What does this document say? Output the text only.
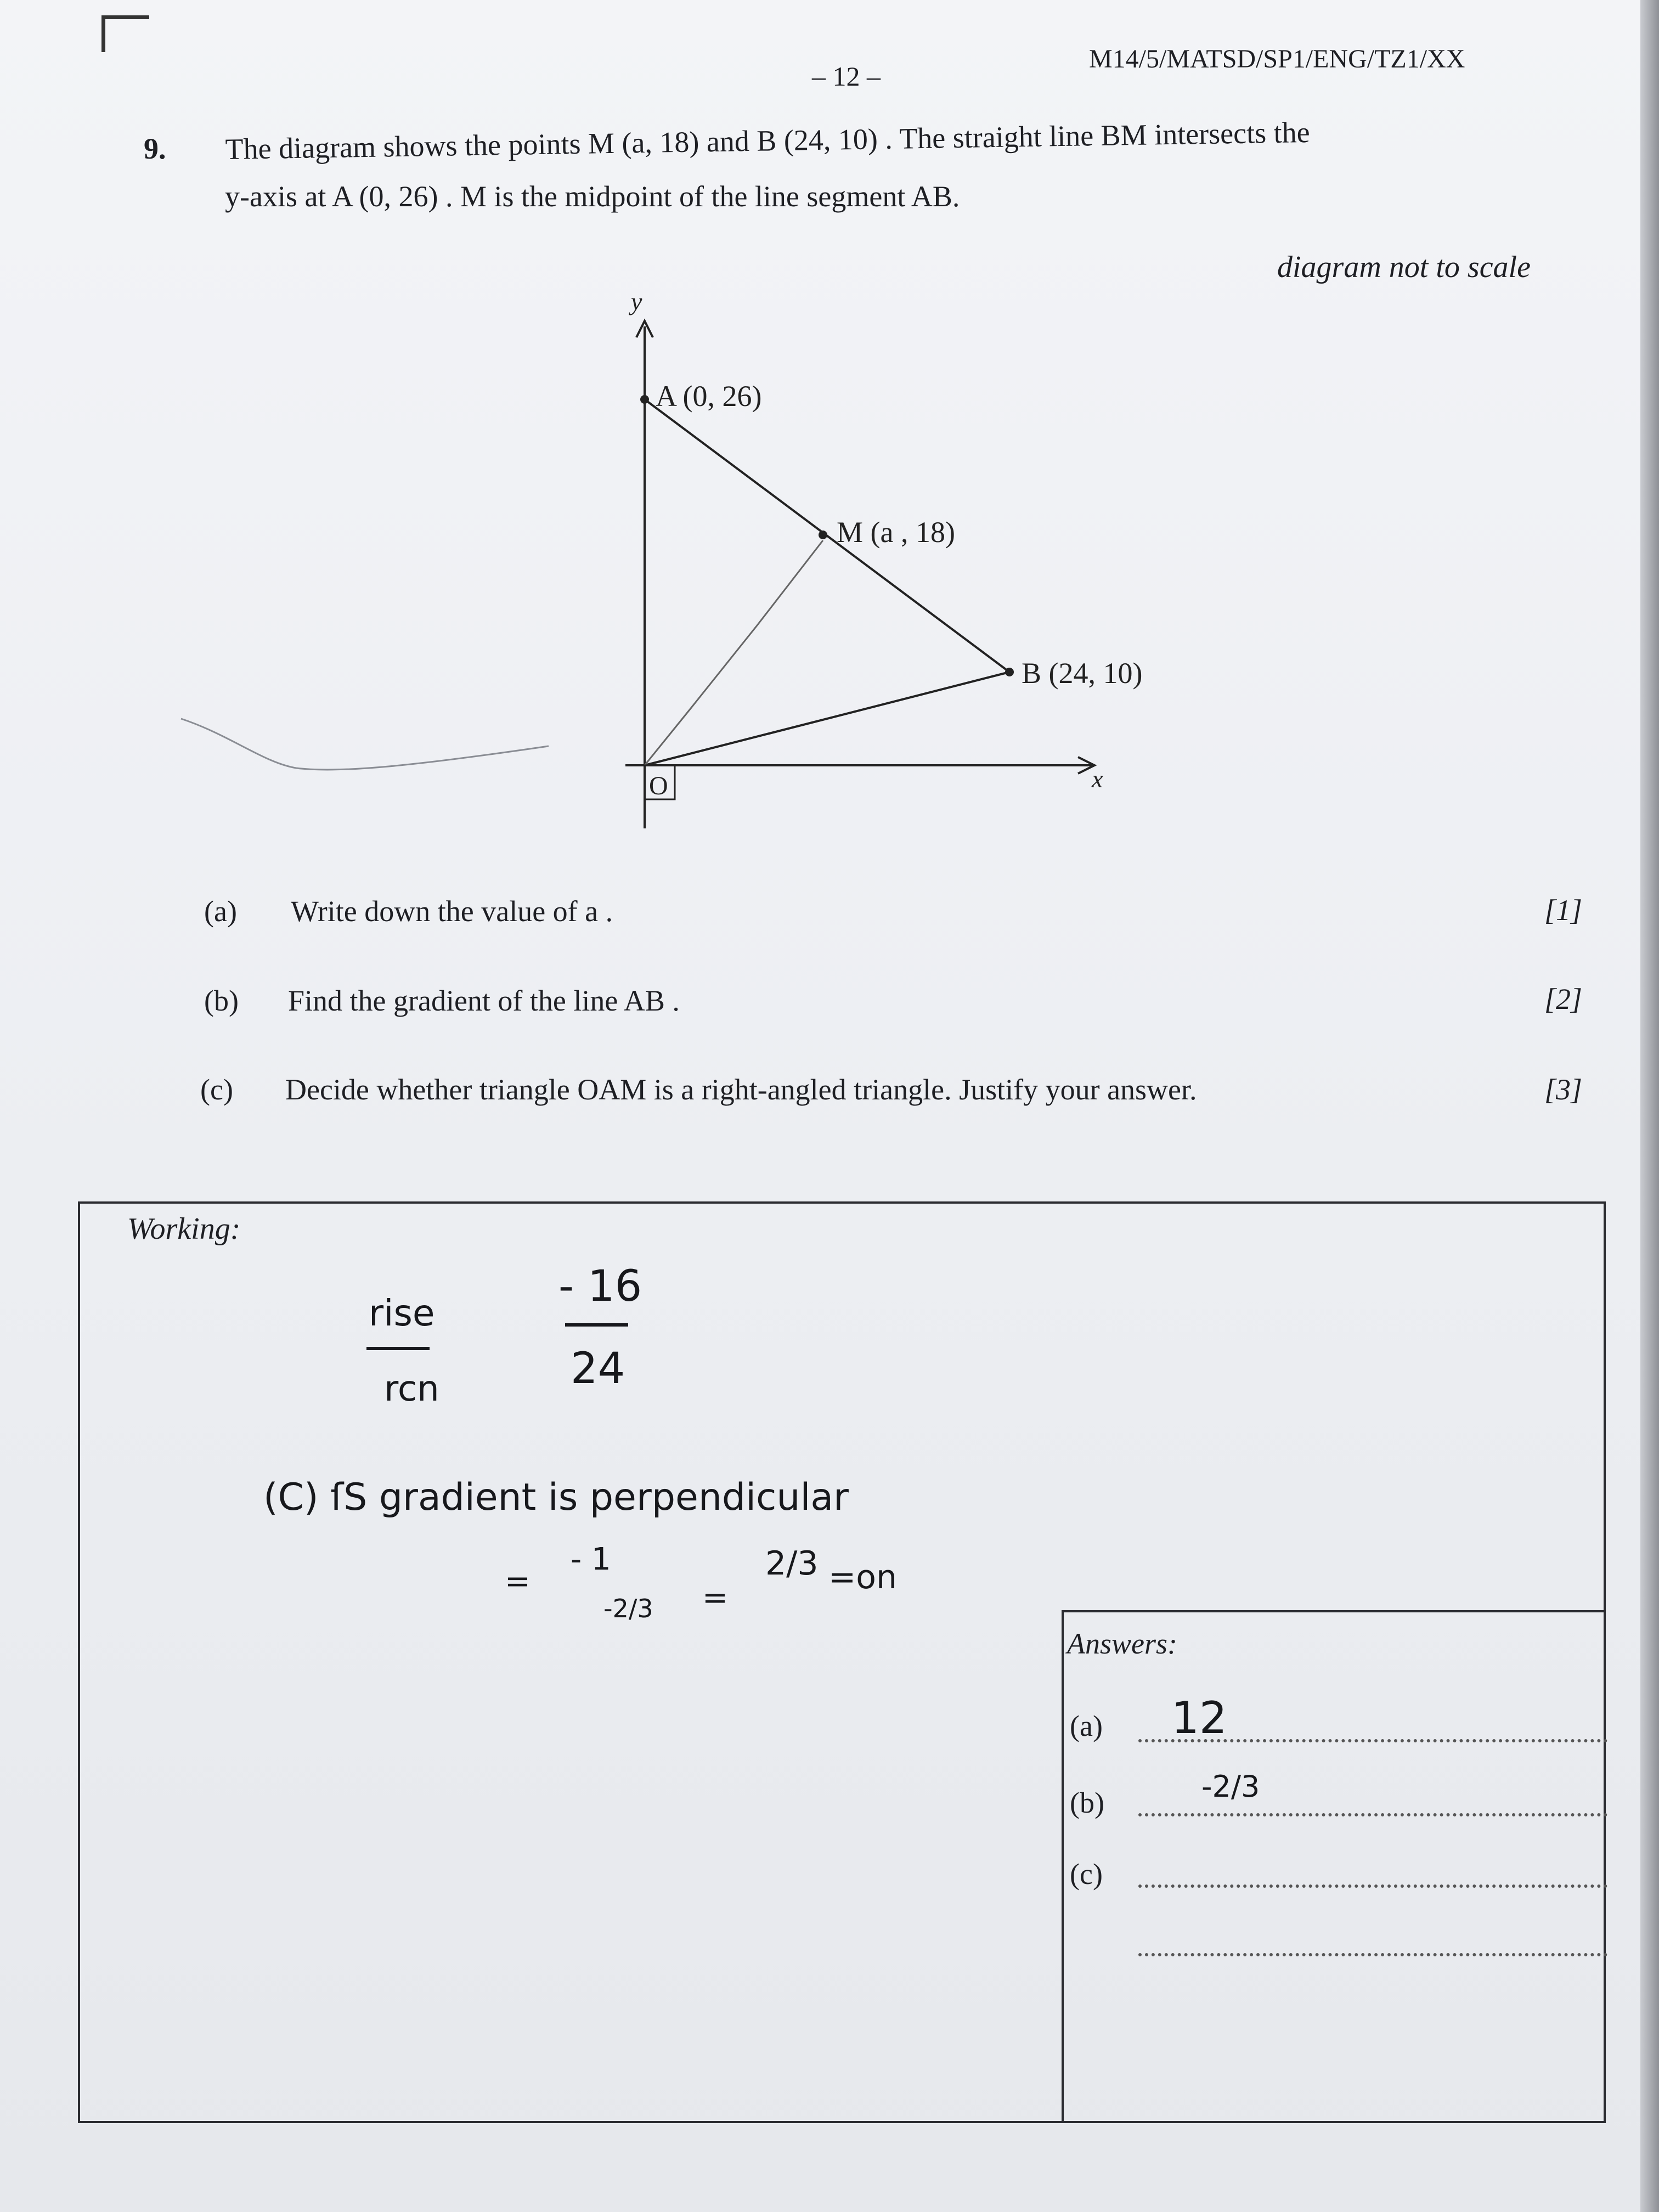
– 12 –
M14/5/MATSD/SP1/ENG/TZ1/XX
9. The diagram shows the points M (a, 18) and B (24, 10) . The straight line BM intersects the
y-axis at A (0, 26) . M is the midpoint of the line segment AB.
diagram not to scale
y
x
O
A (0, 26)
M (a , 18)
B (24, 10)
(a) Write down the value of a .	[1]
(b) Find the gradient of the line AB .	[2]
(c) Decide whether triangle OAM is a right-angled triangle. Justify your answer.	[3]
Working:
rise
rcn
- 16
24
(C) ſS gradient is perpendicular
=
- 1
-2/3 =
2/3 =on
Answers:
(a) 12
(b)	-2/3
(c)
